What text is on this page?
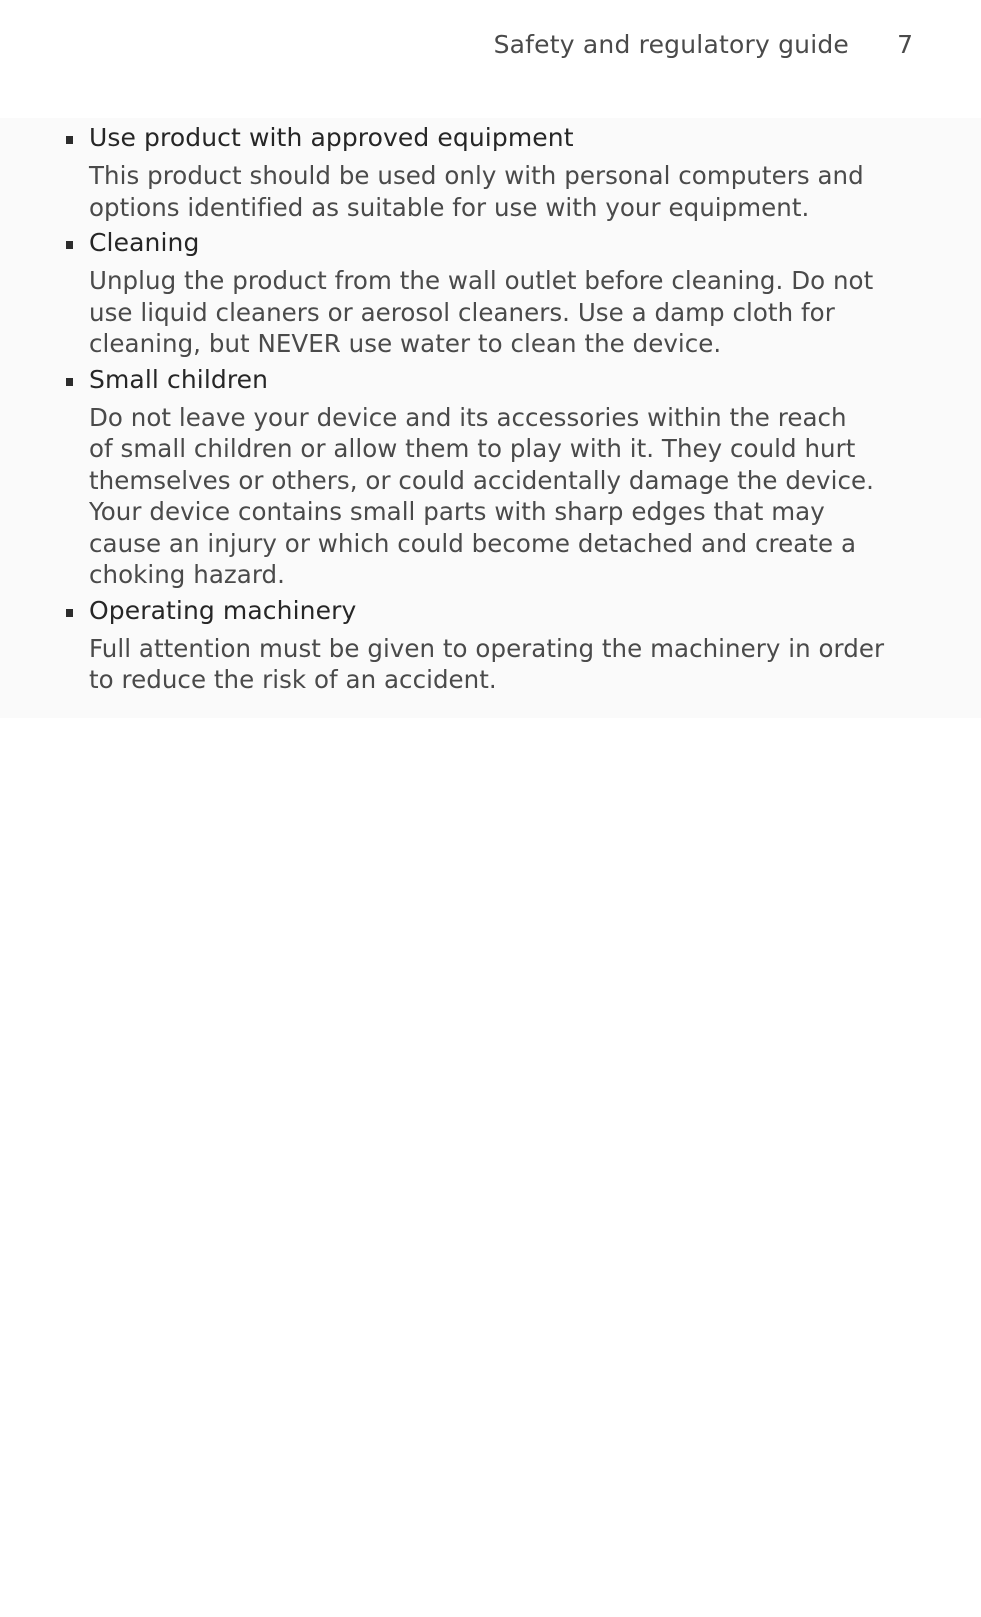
Safety and regulatory guide 7
Use product with approved equipment
This product should be used only with personal computers and
options identified as suitable for use with your equipment.
Cleaning
Unplug the product from the wall outlet before cleaning. Do not
use liquid cleaners or aerosol cleaners. Use a damp cloth for
cleaning, but NEVER use water to clean the device.
Small children
Do not leave your device and its accessories within the reach
of small children or allow them to play with it. They could hurt
themselves or others, or could accidentally damage the device.
Your device contains small parts with sharp edges that may
cause an injury or which could become detached and create a
choking hazard.
Operating machinery
Full attention must be given to operating the machinery in order
to reduce the risk of an accident.
